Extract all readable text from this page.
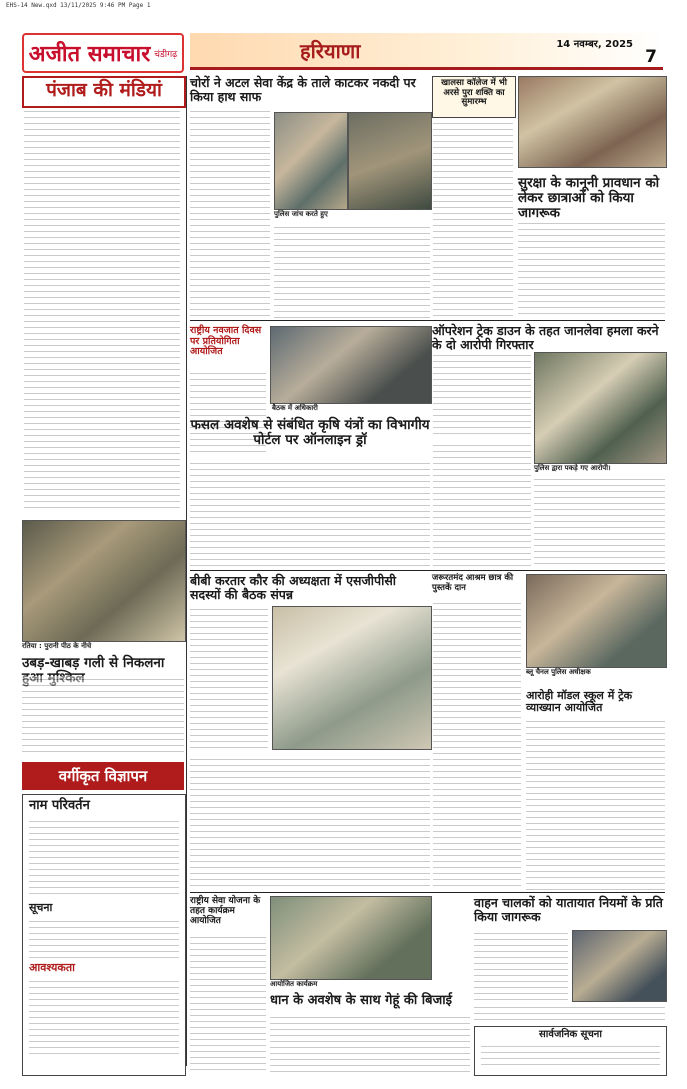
EHS-14 New.qxd 13/11/2025 9:46 PM Page 1
अजीत समाचार चंडीगढ़	हरियाणा	14 नवम्बर, 2025
7
पंजाब की मंडियां	चोरों ने अटल सेवा केंद्र के ताले काटकर नकदी पर किया हाथ साफ
पुलिस जांच करते हुए
खालसा कॉलेज में भी अरसे पुरा शक्ति का सुमारम्भ
सुरक्षा के कानूनी प्रावधान को लेकर छात्राओं को किया जागरूक
राष्ट्रीय नवजात दिवस पर प्रतियोगिता आयोजित
बैठक में अधिकारी
फसल अवशेष से संबंधित कृषि यंत्रों का विभागीय पोर्टल पर ऑनलाइन ड्रॉ
ऑपरेशन ट्रेक डाउन के तहत जानलेवा हमला करने के दो आरोपी गिरफ्तार
पुलिस द्वारा पकड़े गए आरोपी।
बीबी करतार कौर की अध्यक्षता में एसजीपीसी सदस्यों की बैठक संपन्न
जरूरतमंद आश्रम छात्र की पुस्तकें दान
ब्लू चैनल पुलिस अधीक्षक
आरोही मॉडल स्कूल में ट्रेक व्याख्यान आयोजित
रतिया : पुरानी पीठ के नीचे
उबड़-खाबड़ गली से निकलना हुआ मुश्किल
वर्गीकृत विज्ञापन
नाम परिवर्तन
सूचना
आवश्यकता
राष्ट्रीय सेवा योजना के तहत कार्यक्रम आयोजित
आयोजित कार्यक्रम
धान के अवशेष के साथ गेहूं की बिजाई
वाहन चालकों को यातायात नियमों के प्रति किया जागरूक
सार्वजनिक सूचना
